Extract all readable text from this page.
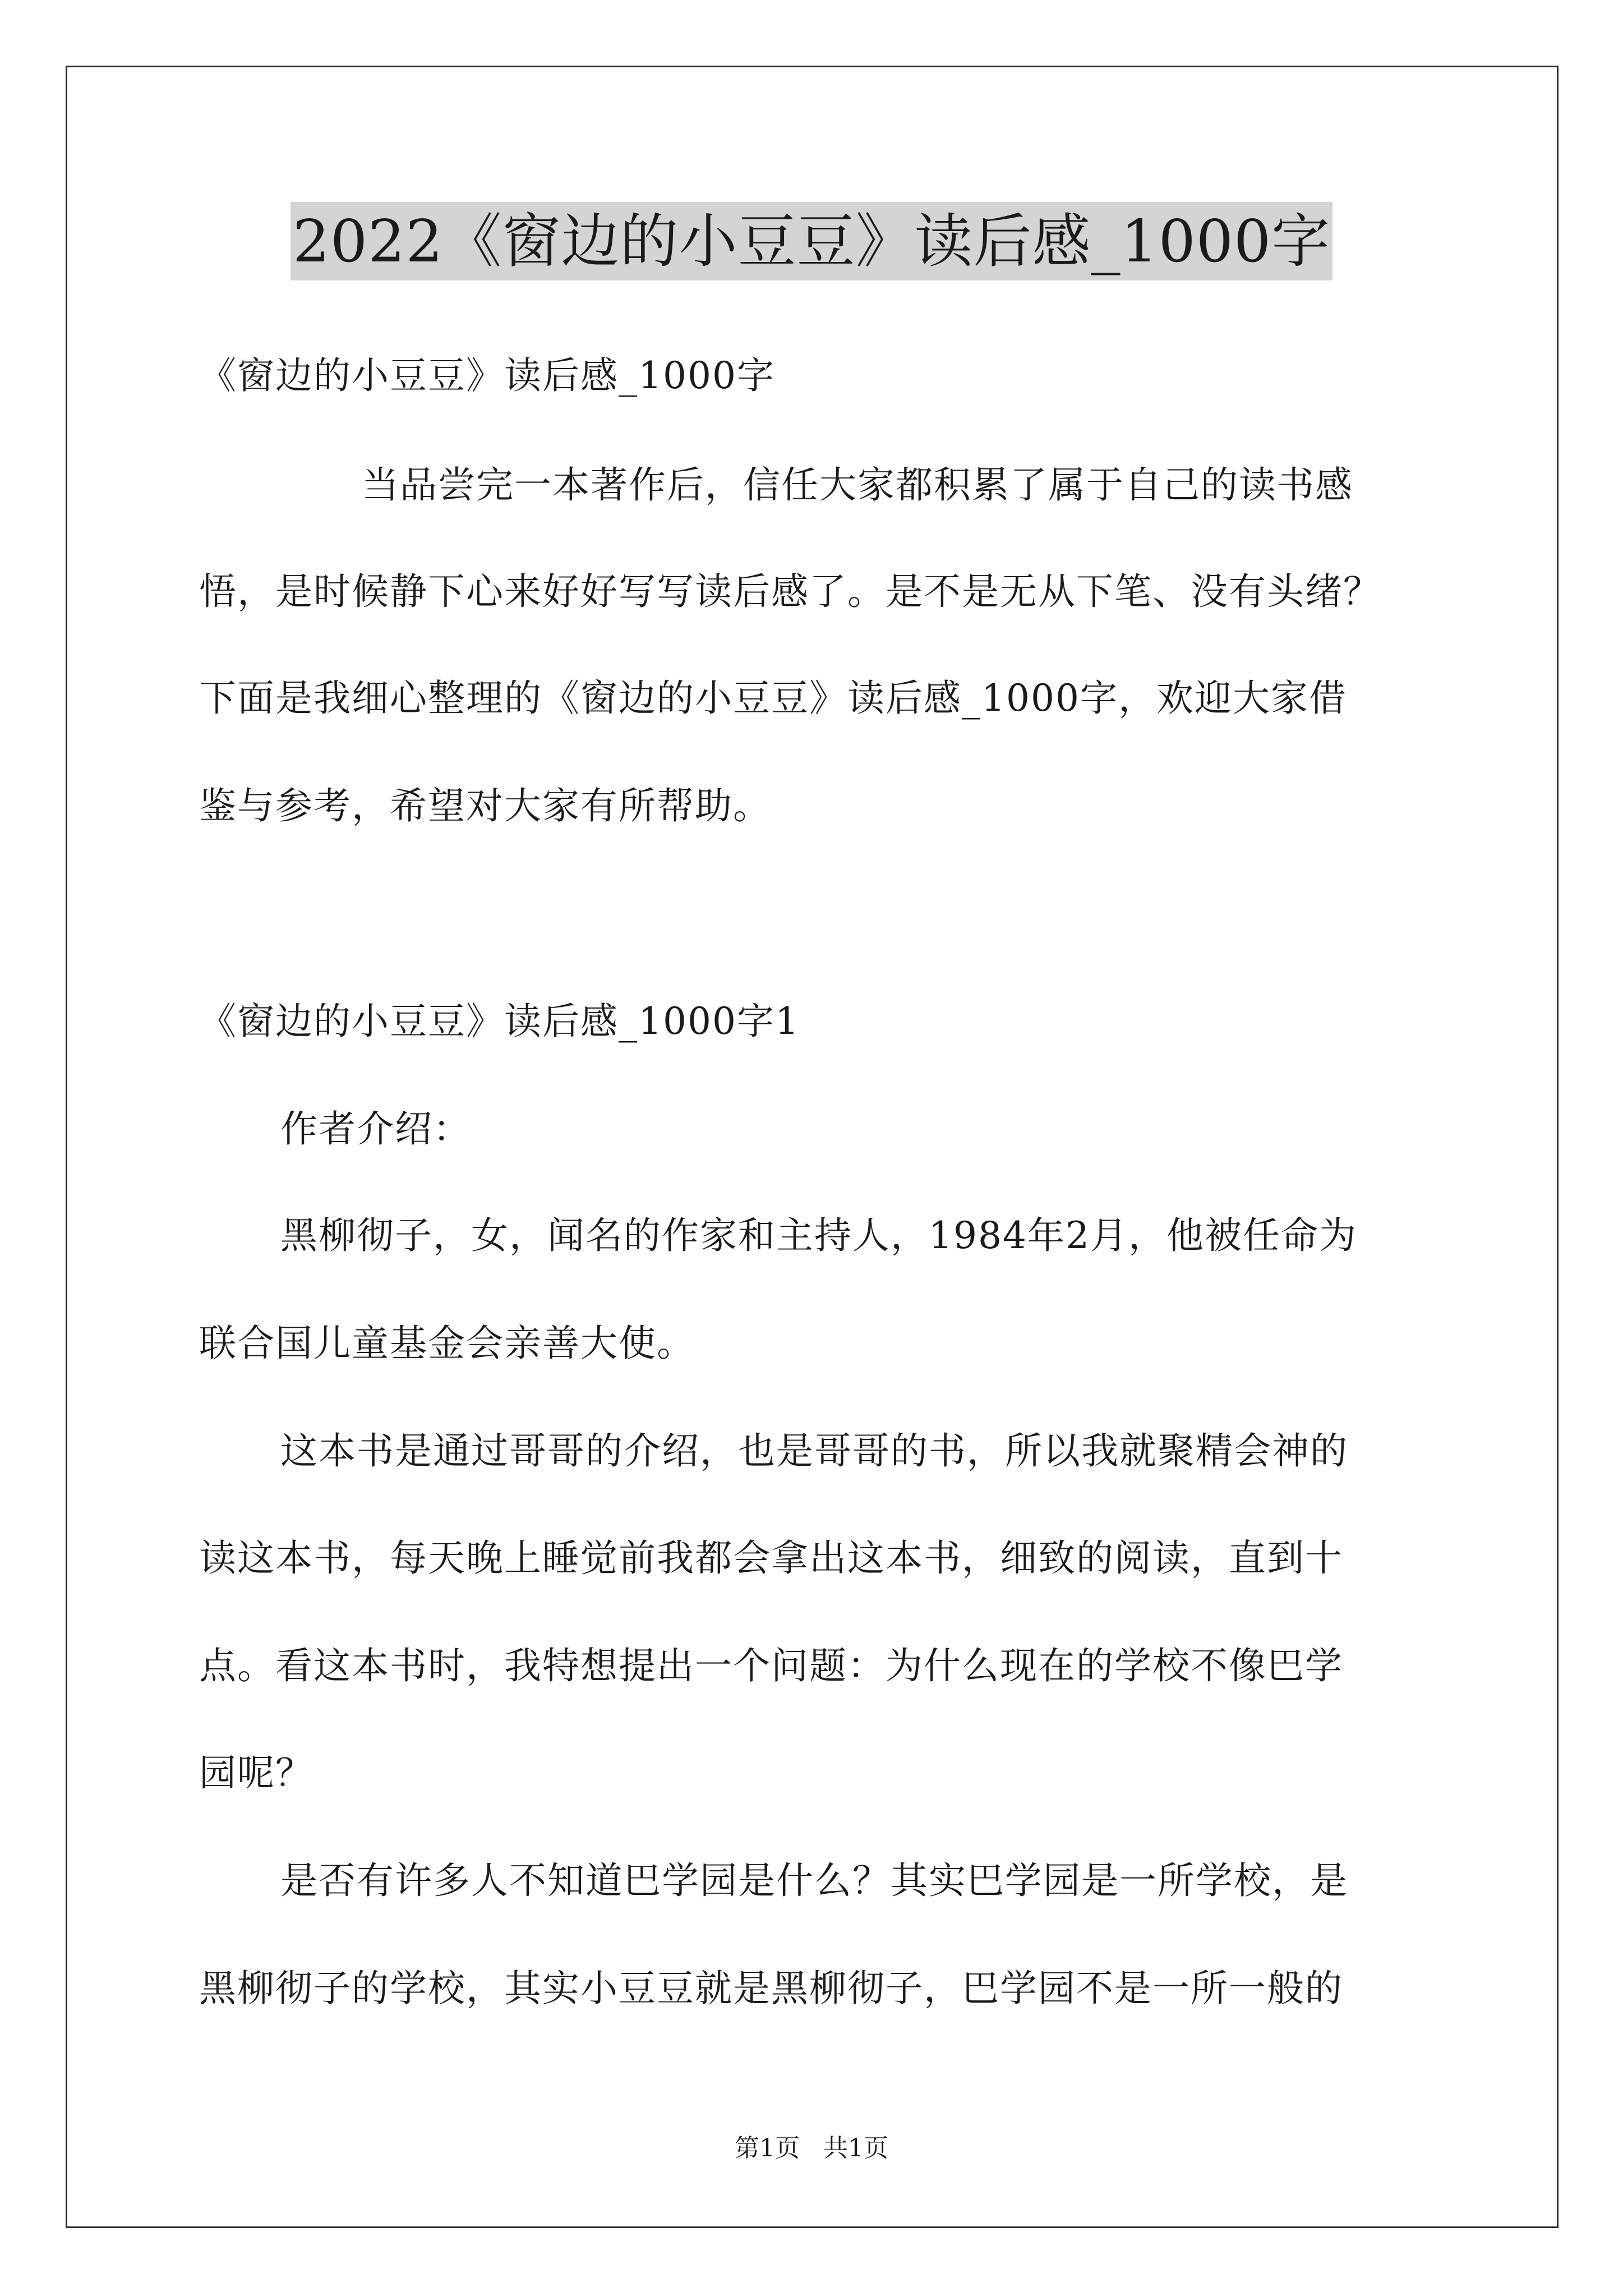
2022《窗边的小豆豆》读后感_1000字
《窗边的小豆豆》读后感_1000字
当品尝完一本著作后，信任大家都积累了属于自己的读书感
悟，是时候静下心来好好写写读后感了。是不是无从下笔、没有头绪？
下面是我细心整理的《窗边的小豆豆》读后感_1000字，欢迎大家借
鉴与参考，希望对大家有所帮助。
《窗边的小豆豆》读后感_1000字1
作者介绍：
黑柳彻子，女，闻名的作家和主持人，1984年2月，他被任命为
联合国儿童基金会亲善大使。
这本书是通过哥哥的介绍，也是哥哥的书，所以我就聚精会神的
读这本书，每天晚上睡觉前我都会拿出这本书，细致的阅读，直到十
点。看这本书时，我特想提出一个问题：为什么现在的学校不像巴学
园呢？
是否有许多人不知道巴学园是什么？其实巴学园是一所学校，是
黑柳彻子的学校，其实小豆豆就是黑柳彻子，巴学园不是一所一般的
第1页 共1页
